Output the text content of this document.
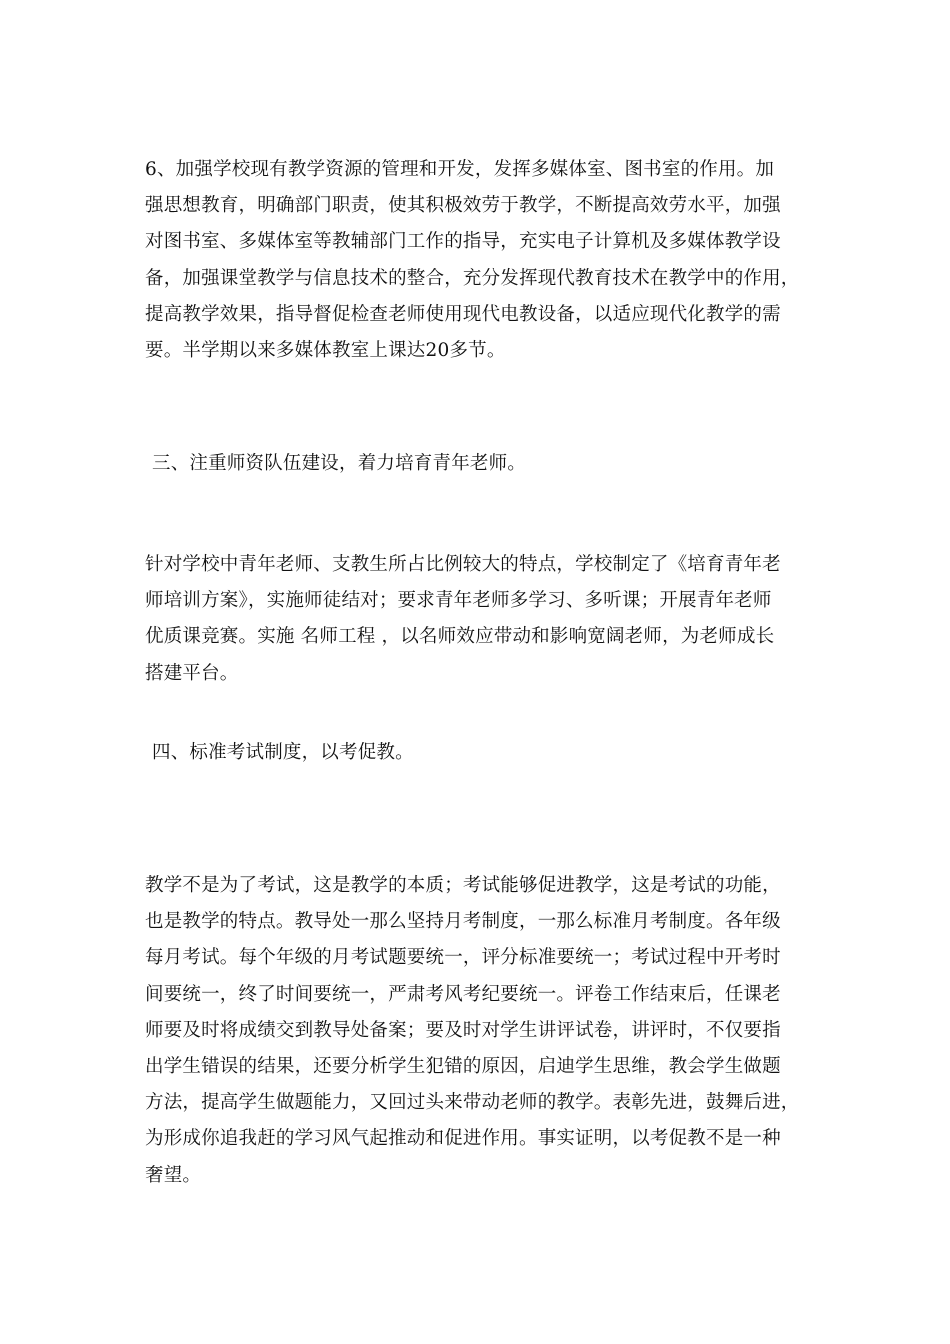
6、加强学校现有教学资源的管理和开发，发挥多媒体室、图书室的作用。加
强思想教育，明确部门职责，使其积极效劳于教学，不断提高效劳水平，加强
对图书室、多媒体室等教辅部门工作的指导，充实电子计算机及多媒体教学设
备，加强课堂教学与信息技术的整合，充分发挥现代教育技术在教学中的作用，
提高教学效果，指导督促检查老师使用现代电教设备，以适应现代化教学的需
要。半学期以来多媒体教室上课达20多节。
三、注重师资队伍建设，着力培育青年老师。
针对学校中青年老师、支教生所占比例较大的特点，学校制定了《培育青年老
师培训方案》，实施师徒结对；要求青年老师多学习、多听课；开展青年老师
优质课竞赛。实施 名师工程 ，以名师效应带动和影响宽阔老师，为老师成长
搭建平台。
四、标准考试制度，以考促教。
教学不是为了考试，这是教学的本质；考试能够促进教学，这是考试的功能，
也是教学的特点。教导处一那么坚持月考制度，一那么标准月考制度。各年级
每月考试。每个年级的月考试题要统一，评分标准要统一；考试过程中开考时
间要统一，终了时间要统一，严肃考风考纪要统一。评卷工作结束后，任课老
师要及时将成绩交到教导处备案；要及时对学生讲评试卷，讲评时，不仅要指
出学生错误的结果，还要分析学生犯错的原因，启迪学生思维，教会学生做题
方法，提高学生做题能力，又回过头来带动老师的教学。表彰先进，鼓舞后进，
为形成你追我赶的学习风气起推动和促进作用。事实证明，以考促教不是一种
奢望。
